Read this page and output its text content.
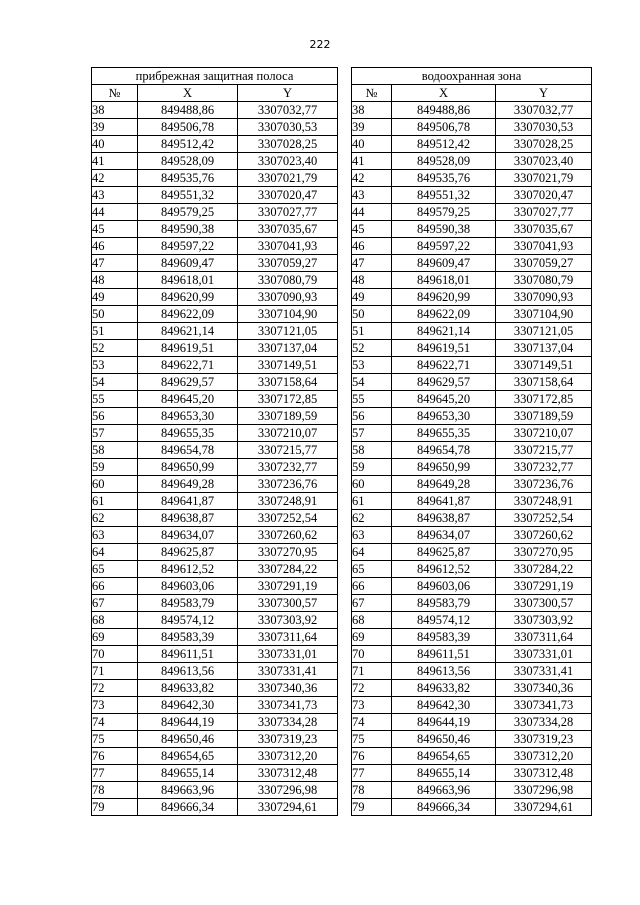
222
прибрежная защитная полоса				водоохранная зона		
№	X	Y		№	X	Y
38	849488,86	3307032,77		38	849488,86	3307032,77
39	849506,78	3307030,53		39	849506,78	3307030,53
40	849512,42	3307028,25		40	849512,42	3307028,25
41	849528,09	3307023,40		41	849528,09	3307023,40
42	849535,76	3307021,79		42	849535,76	3307021,79
43	849551,32	3307020,47		43	849551,32	3307020,47
44	849579,25	3307027,77		44	849579,25	3307027,77
45	849590,38	3307035,67		45	849590,38	3307035,67
46	849597,22	3307041,93		46	849597,22	3307041,93
47	849609,47	3307059,27		47	849609,47	3307059,27
48	849618,01	3307080,79		48	849618,01	3307080,79
49	849620,99	3307090,93		49	849620,99	3307090,93
50	849622,09	3307104,90		50	849622,09	3307104,90
51	849621,14	3307121,05		51	849621,14	3307121,05
52	849619,51	3307137,04		52	849619,51	3307137,04
53	849622,71	3307149,51		53	849622,71	3307149,51
54	849629,57	3307158,64		54	849629,57	3307158,64
55	849645,20	3307172,85		55	849645,20	3307172,85
56	849653,30	3307189,59		56	849653,30	3307189,59
57	849655,35	3307210,07		57	849655,35	3307210,07
58	849654,78	3307215,77		58	849654,78	3307215,77
59	849650,99	3307232,77		59	849650,99	3307232,77
60	849649,28	3307236,76		60	849649,28	3307236,76
61	849641,87	3307248,91		61	849641,87	3307248,91
62	849638,87	3307252,54		62	849638,87	3307252,54
63	849634,07	3307260,62		63	849634,07	3307260,62
64	849625,87	3307270,95		64	849625,87	3307270,95
65	849612,52	3307284,22		65	849612,52	3307284,22
66	849603,06	3307291,19		66	849603,06	3307291,19
67	849583,79	3307300,57		67	849583,79	3307300,57
68	849574,12	3307303,92		68	849574,12	3307303,92
69	849583,39	3307311,64		69	849583,39	3307311,64
70	849611,51	3307331,01		70	849611,51	3307331,01
71	849613,56	3307331,41		71	849613,56	3307331,41
72	849633,82	3307340,36		72	849633,82	3307340,36
73	849642,30	3307341,73		73	849642,30	3307341,73
74	849644,19	3307334,28		74	849644,19	3307334,28
75	849650,46	3307319,23		75	849650,46	3307319,23
76	849654,65	3307312,20		76	849654,65	3307312,20
77	849655,14	3307312,48		77	849655,14	3307312,48
78	849663,96	3307296,98		78	849663,96	3307296,98
79	849666,34	3307294,61		79	849666,34	3307294,61
